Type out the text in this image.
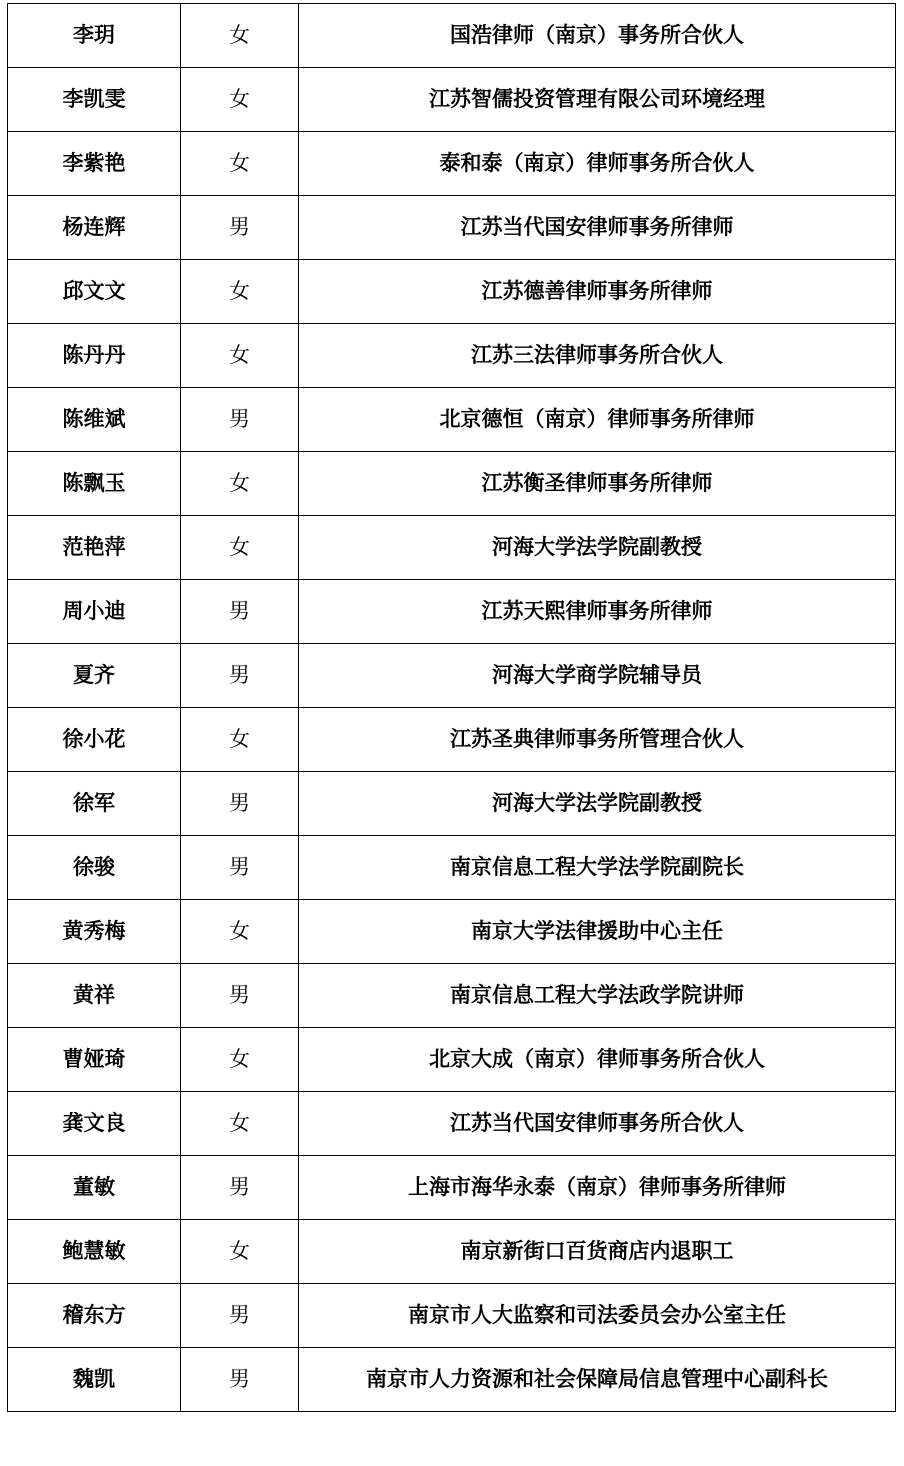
李玥	女	国浩律师（南京）事务所合伙人
李凯雯	女	江苏智儒投资管理有限公司环境经理
李紫艳	女	泰和泰（南京）律师事务所合伙人
杨连辉	男	江苏当代国安律师事务所律师
邱文文	女	江苏德善律师事务所律师
陈丹丹	女	江苏三法律师事务所合伙人
陈维斌	男	北京德恒（南京）律师事务所律师
陈飘玉	女	江苏衡圣律师事务所律师
范艳萍	女	河海大学法学院副教授
周小迪	男	江苏天熙律师事务所律师
夏齐	男	河海大学商学院辅导员
徐小花	女	江苏圣典律师事务所管理合伙人
徐军	男	河海大学法学院副教授
徐骏	男	南京信息工程大学法学院副院长
黄秀梅	女	南京大学法律援助中心主任
黄祥	男	南京信息工程大学法政学院讲师
曹娅琦	女	北京大成（南京）律师事务所合伙人
龚文良	女	江苏当代国安律师事务所合伙人
董敏	男	上海市海华永泰（南京）律师事务所律师
鲍慧敏	女	南京新街口百货商店内退职工
稽东方	男	南京市人大监察和司法委员会办公室主任
魏凯	男	南京市人力资源和社会保障局信息管理中心副科长
